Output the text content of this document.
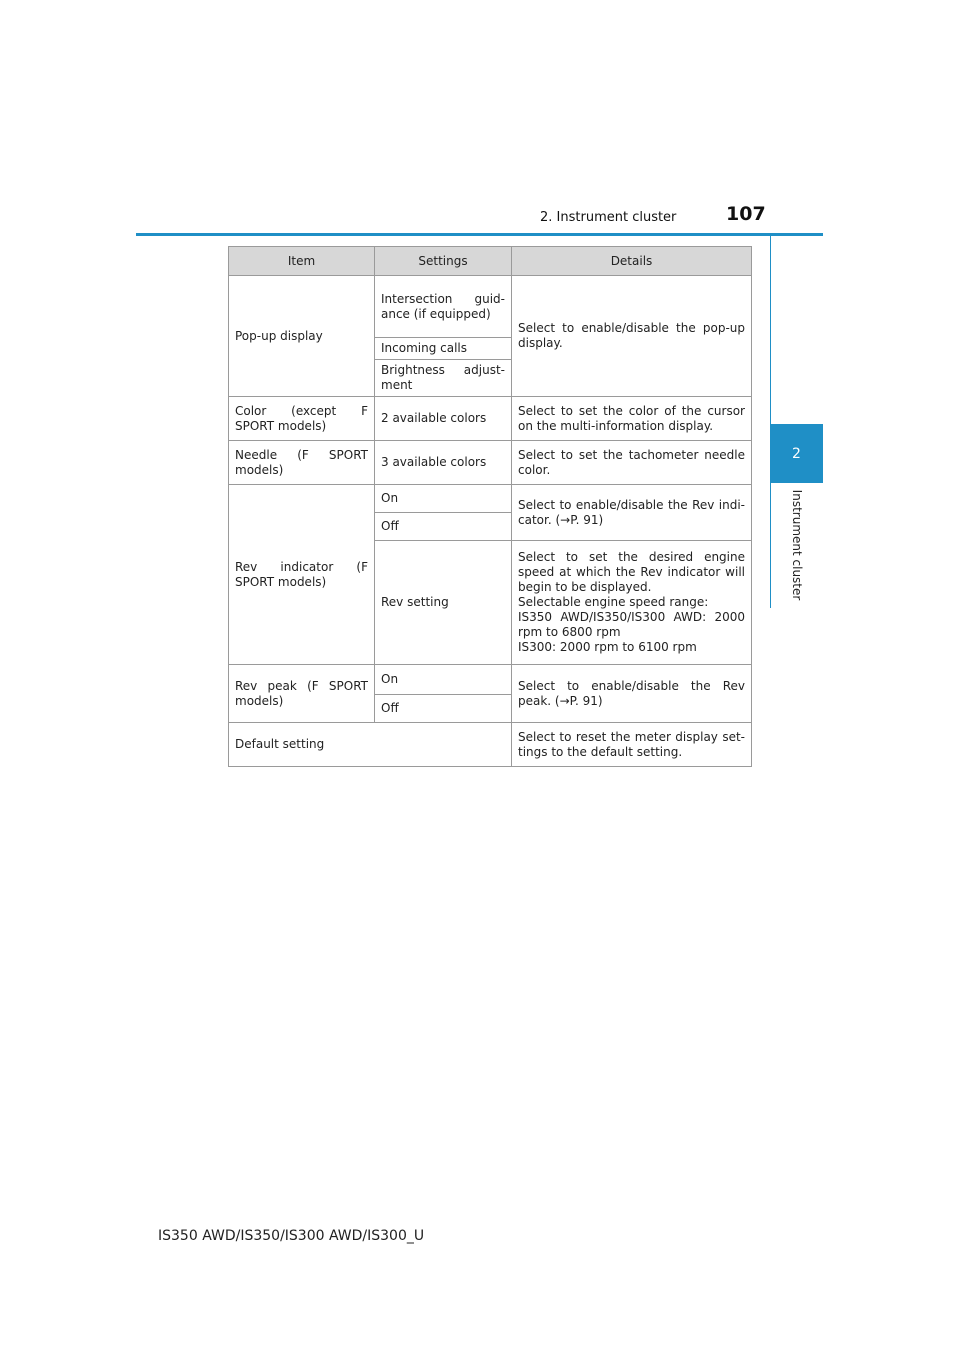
2. Instrument cluster	107
2
Instrument cluster
Item	Settings	Details
Pop-up display	Intersection guid-ance (if equipped)	Select to enable/disable the pop-up display.
	Incoming calls	
	Brightness adjust-ment	
Color (except F SPORT models)	2 available colors	Select to set the color of the cursor on the multi-information display.
Needle (F SPORT models)	3 available colors	Select to set the tachometer needle color.
Rev indicator (F SPORT models)	On	Select to enable/disable the Rev indi-cator. (→P. 91)
	Off	
	Rev setting	Select to set the desired engine speed at which the Rev indicator will begin to be displayed.
Selectable engine speed range:
IS350 AWD/IS350/IS300 AWD: 2000 rpm to 6800 rpm
IS300: 2000 rpm to 6100 rpm

Rev peak (F SPORT models)	On	Select to enable/disable the Rev peak. (→P. 91)
	Off	
Default setting		Select to reset the meter display set-tings to the default setting.
IS350 AWD/IS350/IS300 AWD/IS300_U
